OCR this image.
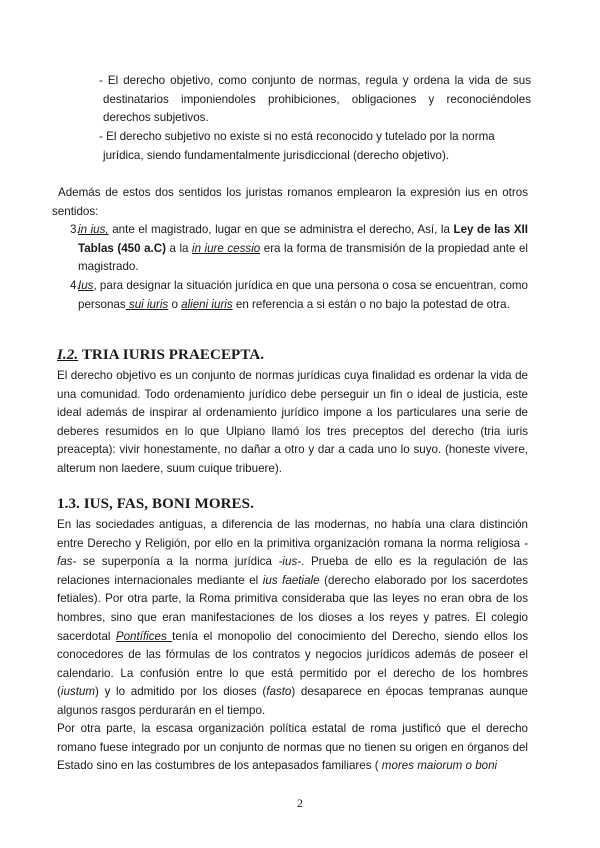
- El derecho objetivo, como conjunto de normas, regula y ordena la vida de sus destinatarios imponiendoles prohibiciones, obligaciones y reconociéndoles derechos subjetivos.
- El derecho subjetivo no existe si no está reconocido y tutelado por la norma jurídica, siendo fundamentalmente jurisdiccional (derecho objetivo).
Además de estos dos sentidos los juristas romanos emplearon la expresión ius en otros sentidos:
3.
in ius, ante el magistrado, lugar en que se administra el derecho, Así, la Ley de las XII Tablas (450 a.C) a la in iure cessio era la forma de transmisión de la propiedad ante el magistrado.
4.
Ius, para designar la situación jurídica en que una persona o cosa se encuentran, como personas sui iuris o alieni iuris en referencia a si están o no bajo la potestad de otra.
I.2. TRIA IURIS PRAECEPTA.
El derecho objetivo es un conjunto de normas jurídicas cuya finalidad es ordenar la vida de una comunidad. Todo ordenamiento jurídico debe perseguir un fin o ideal de justicia, este ideal además de inspirar al ordenamiento jurídico impone a los particulares una serie de deberes resumidos en lo que Ulpiano llamó los tres preceptos del derecho (tria iuris preacepta): vivir honestamente, no dañar a otro y dar a cada uno lo suyo. (honeste vivere, alterum non laedere, suum cuique tribuere).
1.3. IUS, FAS, BONI MORES.
En las sociedades antiguas, a diferencia de las modernas, no había una clara distinción entre Derecho y Religión, por ello en la primitiva organización romana la norma religiosa -fas- se superponía a la norma jurídica -ius-. Prueba de ello es la regulación de las relaciones internacionales mediante el ius faetiale (derecho elaborado por los sacerdotes fetiales). Por otra parte, la Roma primitiva consideraba que las leyes no eran obra de los hombres, sino que eran manifestaciones de los dioses a los reyes y patres. El colegio sacerdotal Pontífices tenía el monopolio del conocimiento del Derecho, siendo ellos los conocedores de las fórmulas de los contratos y negocios jurídicos además de poseer el calendario. La confusión entre lo que está permitido por el derecho de los hombres (iustum) y lo admitido por los dioses (fasto) desaparece en épocas tempranas aunque algunos rasgos perdurarán en el tiempo.
Por otra parte, la escasa organización política estatal de roma justificó que el derecho romano fuese integrado por un conjunto de normas que no tienen su origen en órganos del Estado sino en las costumbres de los antepasados familiares ( mores maiorum o boni
2
